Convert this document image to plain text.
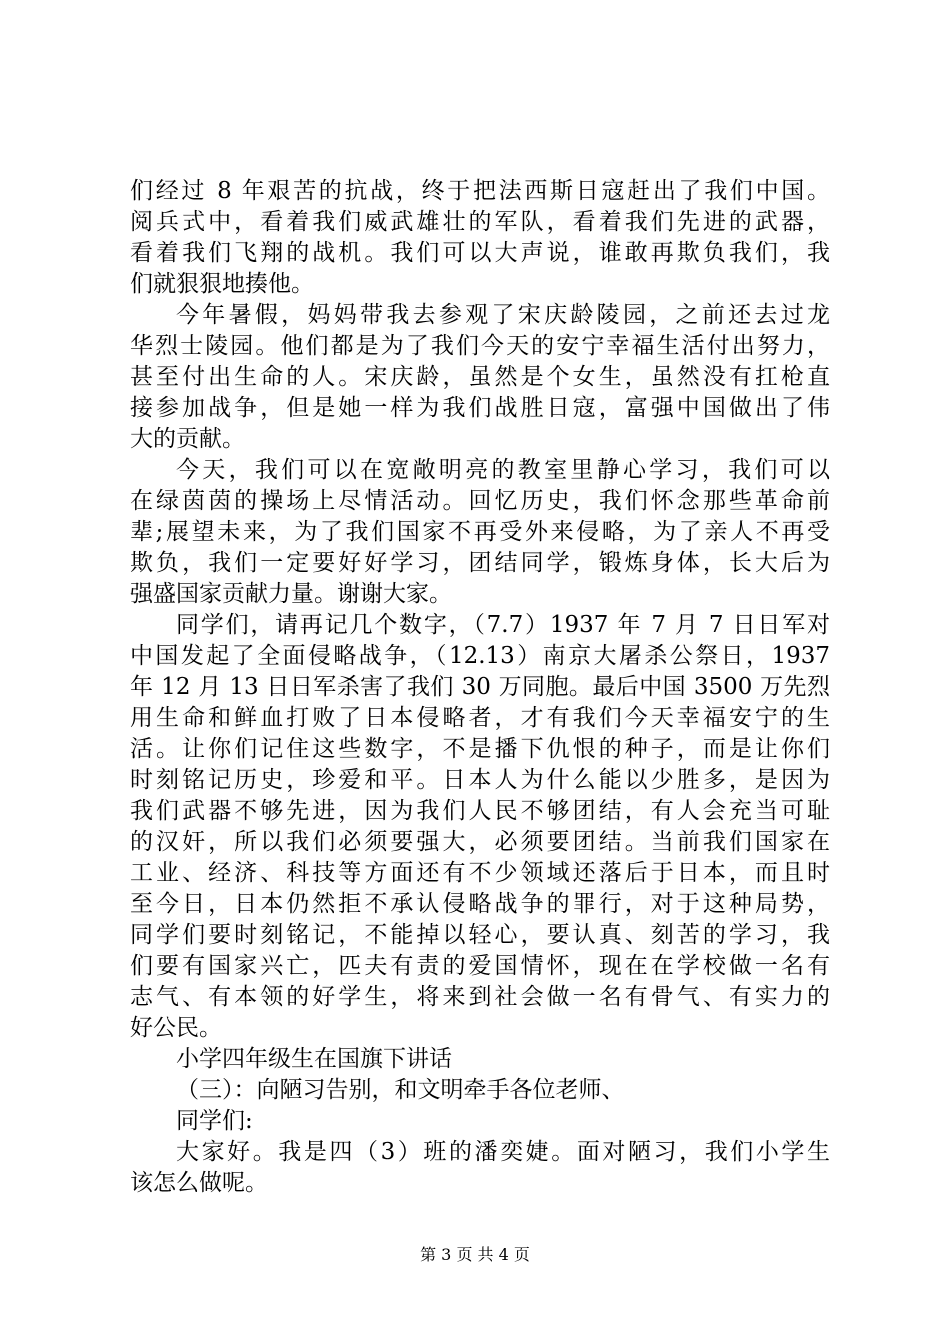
们经过 8 年艰苦的抗战，终于把法西斯日寇赶出了我们中国。
阅兵式中，看着我们威武雄壮的军队，看着我们先进的武器，
看着我们飞翔的战机。我们可以大声说，谁敢再欺负我们，我
们就狠狠地揍他。
今年暑假，妈妈带我去参观了宋庆龄陵园，之前还去过龙
华烈士陵园。他们都是为了我们今天的安宁幸福生活付出努力，
甚至付出生命的人。宋庆龄，虽然是个女生，虽然没有扛枪直
接参加战争，但是她一样为我们战胜日寇，富强中国做出了伟
大的贡献。
今天，我们可以在宽敞明亮的教室里静心学习，我们可以
在绿茵茵的操场上尽情活动。回忆历史，我们怀念那些革命前
辈;展望未来，为了我们国家不再受外来侵略，为了亲人不再受
欺负，我们一定要好好学习，团结同学，锻炼身体，长大后为
强盛国家贡献力量。谢谢大家。
同学们，请再记几个数字，（7.7）1937 年 7 月 7 日日军对
中国发起了全面侵略战争，（12.13）南京大屠杀公祭日，1937
年 12 月 13 日日军杀害了我们 30 万同胞。最后中国 3500 万先烈
用生命和鲜血打败了日本侵略者，才有我们今天幸福安宁的生
活。让你们记住这些数字，不是播下仇恨的种子，而是让你们
时刻铭记历史，珍爱和平。日本人为什么能以少胜多，是因为
我们武器不够先进，因为我们人民不够团结，有人会充当可耻
的汉奸，所以我们必须要强大，必须要团结。当前我们国家在
工业、经济、科技等方面还有不少领域还落后于日本，而且时
至今日，日本仍然拒不承认侵略战争的罪行，对于这种局势，
同学们要时刻铭记，不能掉以轻心，要认真、刻苦的学习，我
们要有国家兴亡，匹夫有责的爱国情怀，现在在学校做一名有
志气、有本领的好学生，将来到社会做一名有骨气、有实力的
好公民。
小学四年级生在国旗下讲话
（三）：向陋习告别，和文明牵手各位老师、
同学们:
大家好。我是四（3）班的潘奕婕。面对陋习，我们小学生
该怎么做呢。
第 3 页 共 4 页
